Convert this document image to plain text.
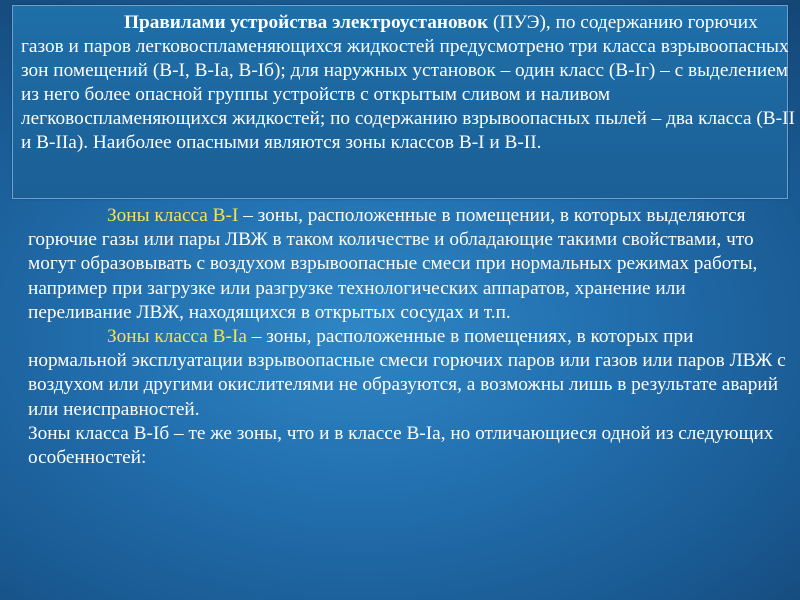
Правилами устройства электроустановок (ПУЭ), по содержанию горючих газов и паров легковоспламеняющихся жидкостей предусмотрено три класса взрывоопасных зон помещений (В-I, В-Iа, В-Iб); для наружных установок – один класс (В-Iг) – с выделением из него более опасной группы устройств с открытым сливом и наливом легковоспламеняющихся жидкостей; по содержанию взрывоопасных пылей – два класса (В-II и В-IIа). Наиболее опасными являются зоны классов В-I и В-II.

Зоны класса В-I – зоны, расположенные в помещении, в которых выделяются горючие газы или пары ЛВЖ в таком количестве и обладающие такими свойствами, что могут образовывать с воздухом взрывоопасные смеси при нормальных режимах работы, например при загрузке или разгрузке технологических аппаратов, хранение или переливание ЛВЖ, находящихся в открытых сосудах и т.п.

Зоны класса В-Iа – зоны, расположенные в помещениях, в которых при нормальной эксплуатации взрывоопасные смеси горючих паров или газов или паров ЛВЖ с воздухом или другими окислителями не образуются, а возможны лишь в результате аварий или неисправностей.

Зоны класса В-Iб – те же зоны, что и в классе В-Iа, но отличающиеся одной из следующих особенностей:
